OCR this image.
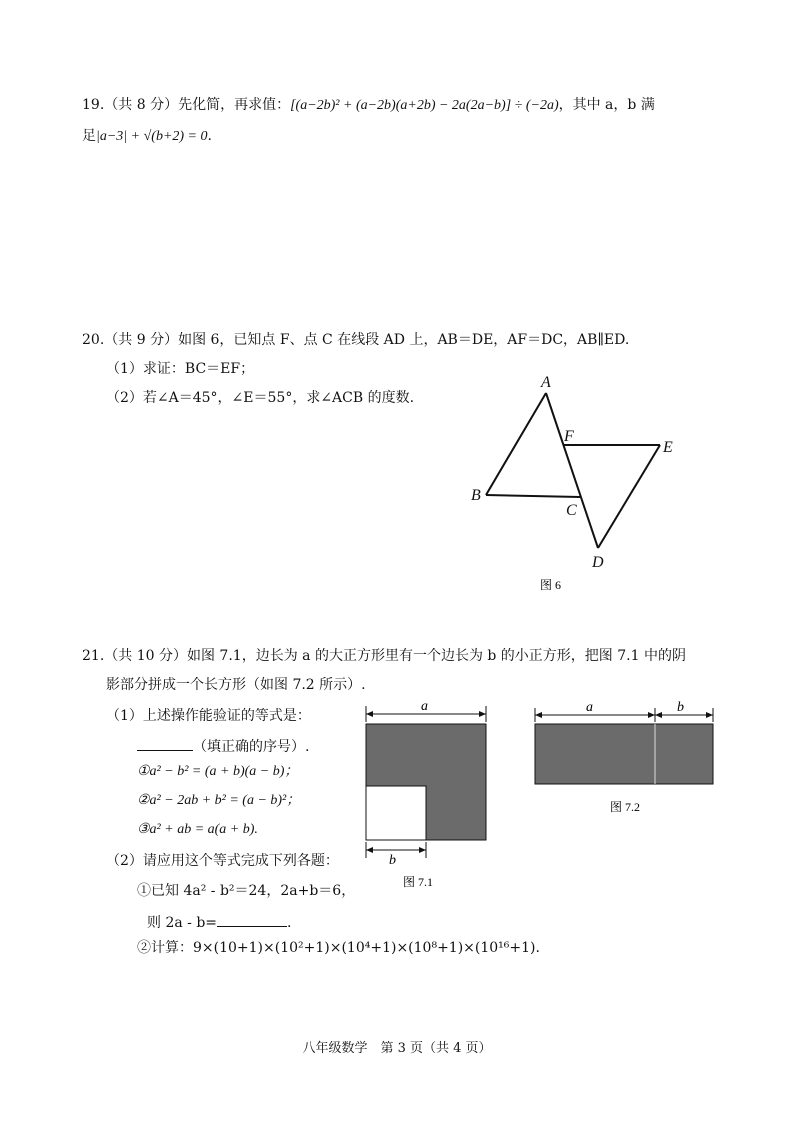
19.（共 8 分）先化简，再求值：[(a−2b)² + (a−2b)(a+2b) − 2a(2a−b)] ÷ (−2a)，其中 a，b 满
足|a−3| + √(b+2) = 0.
20.（共 9 分）如图 6，已知点 F、点 C 在线段 AD 上，AB＝DE，AF＝DC，AB∥ED.
（1）求证：BC＝EF；
（2）若∠A＝45°，∠E＝55°，求∠ACB 的度数.
A
B
C
D
E
F
图 6
a
b
图 7.1
a	b
图 7.2
21.（共 10 分）如图 7.1，边长为 a 的大正方形里有一个边长为 b 的小正方形，把图 7.1 中的阴
影部分拼成一个长方形（如图 7.2 所示）.
（1）上述操作能验证的等式是：
（填正确的序号）.
①a² − b² = (a + b)(a − b)；
②a² − 2ab + b² = (a − b)²；
③a² + ab = a(a + b).
（2）请应用这个等式完成下列各题：
①已知 4a² - b²＝24，2a+b＝6，
则 2a - b=	.
②计算：9×(10+1)×(10²+1)×(10⁴+1)×(10⁸+1)×(10¹⁶+1).
八年级数学　第 3 页（共 4 页）
